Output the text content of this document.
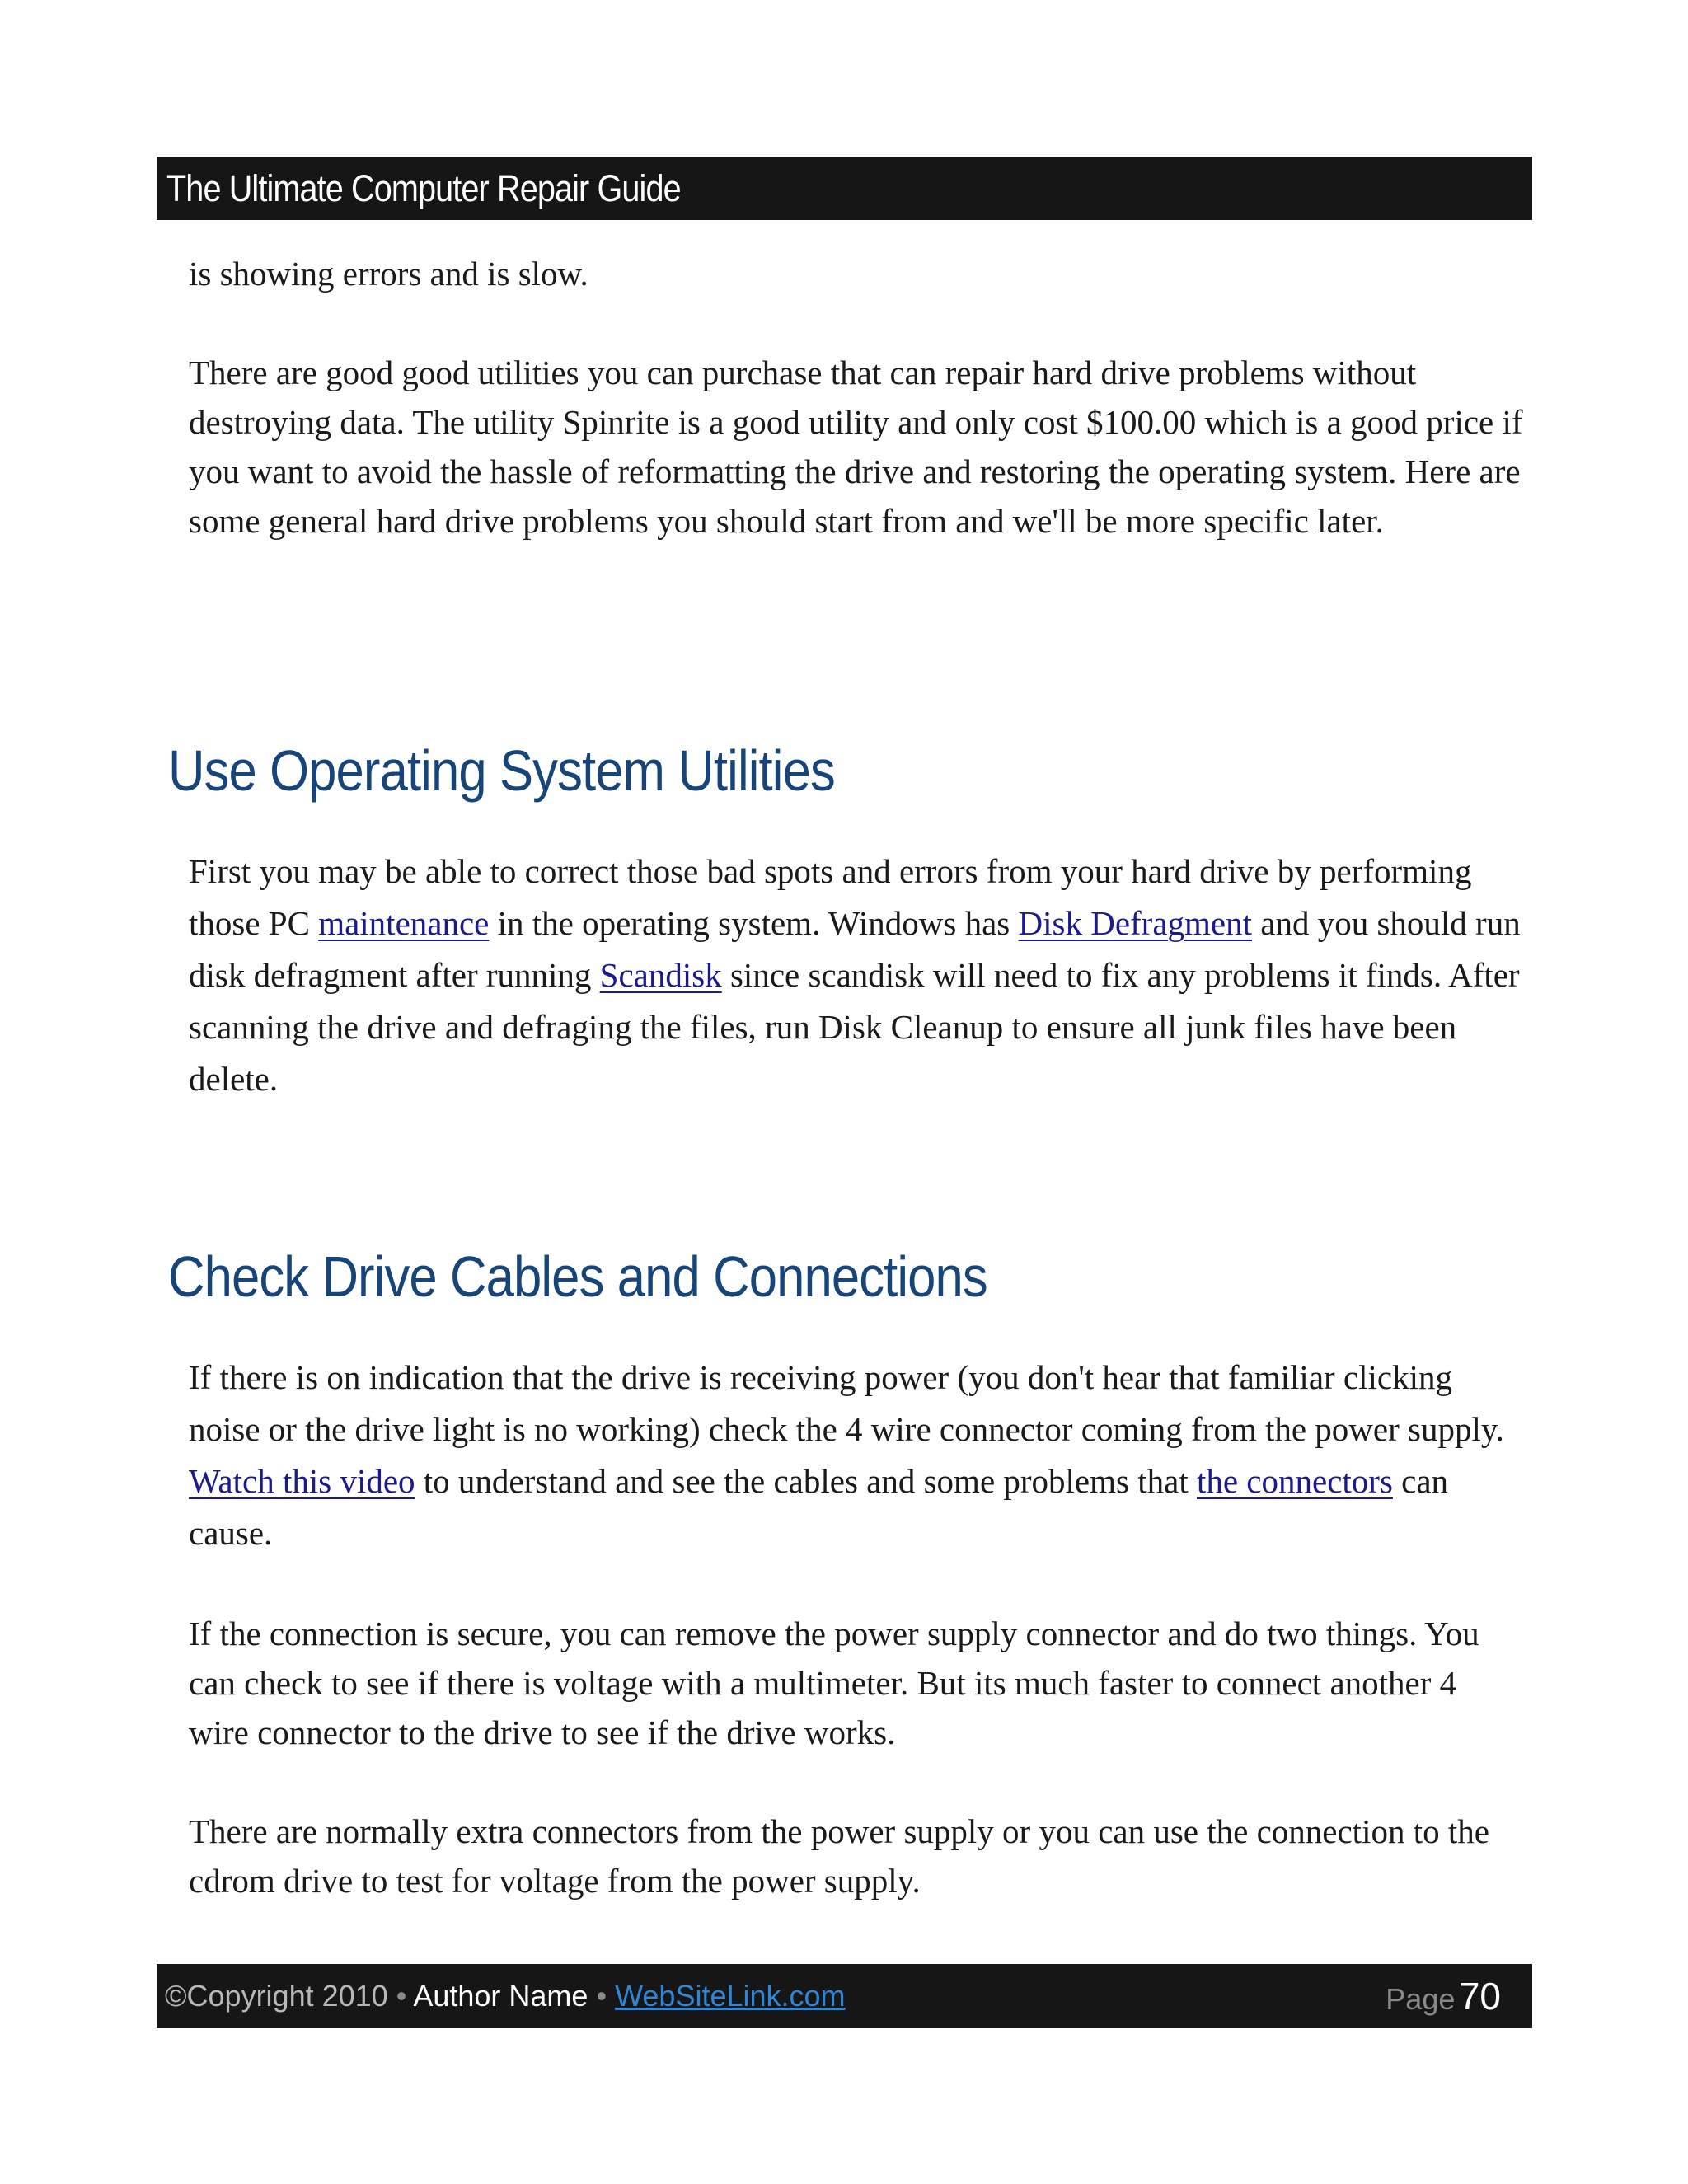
The Ultimate Computer Repair Guide

is showing errors and is slow.

There are good good utilities you can purchase that can repair hard drive problems without destroying data. The utility Spinrite is a good utility and only cost $100.00 which is a good price if you want to avoid the hassle of reformatting the drive and restoring the operating system. Here are some general hard drive problems you should start from and we'll be more specific later.

Use Operating System Utilities

First you may be able to correct those bad spots and errors from your hard drive by performing those PC maintenance in the operating system. Windows has Disk Defragment and you should run disk defragment after running Scandisk since scandisk will need to fix any problems it finds. After scanning the drive and defraging the files, run Disk Cleanup to ensure all junk files have been delete.

Check Drive Cables and Connections

If there is on indication that the drive is receiving power (you don't hear that familiar clicking noise or the drive light is no working) check the 4 wire connector coming from the power supply. Watch this video to understand and see the cables and some problems that the connectors can cause.

If the connection is secure, you can remove the power supply connector and do two things. You can check to see if there is voltage with a multimeter. But its much faster to connect another 4 wire connector to the drive to see if the drive works.

There are normally extra connectors from the power supply or you can use the connection to the cdrom drive to test for voltage from the power supply.

©Copyright 2010 • Author Name • WebSiteLink.com	Page 70
